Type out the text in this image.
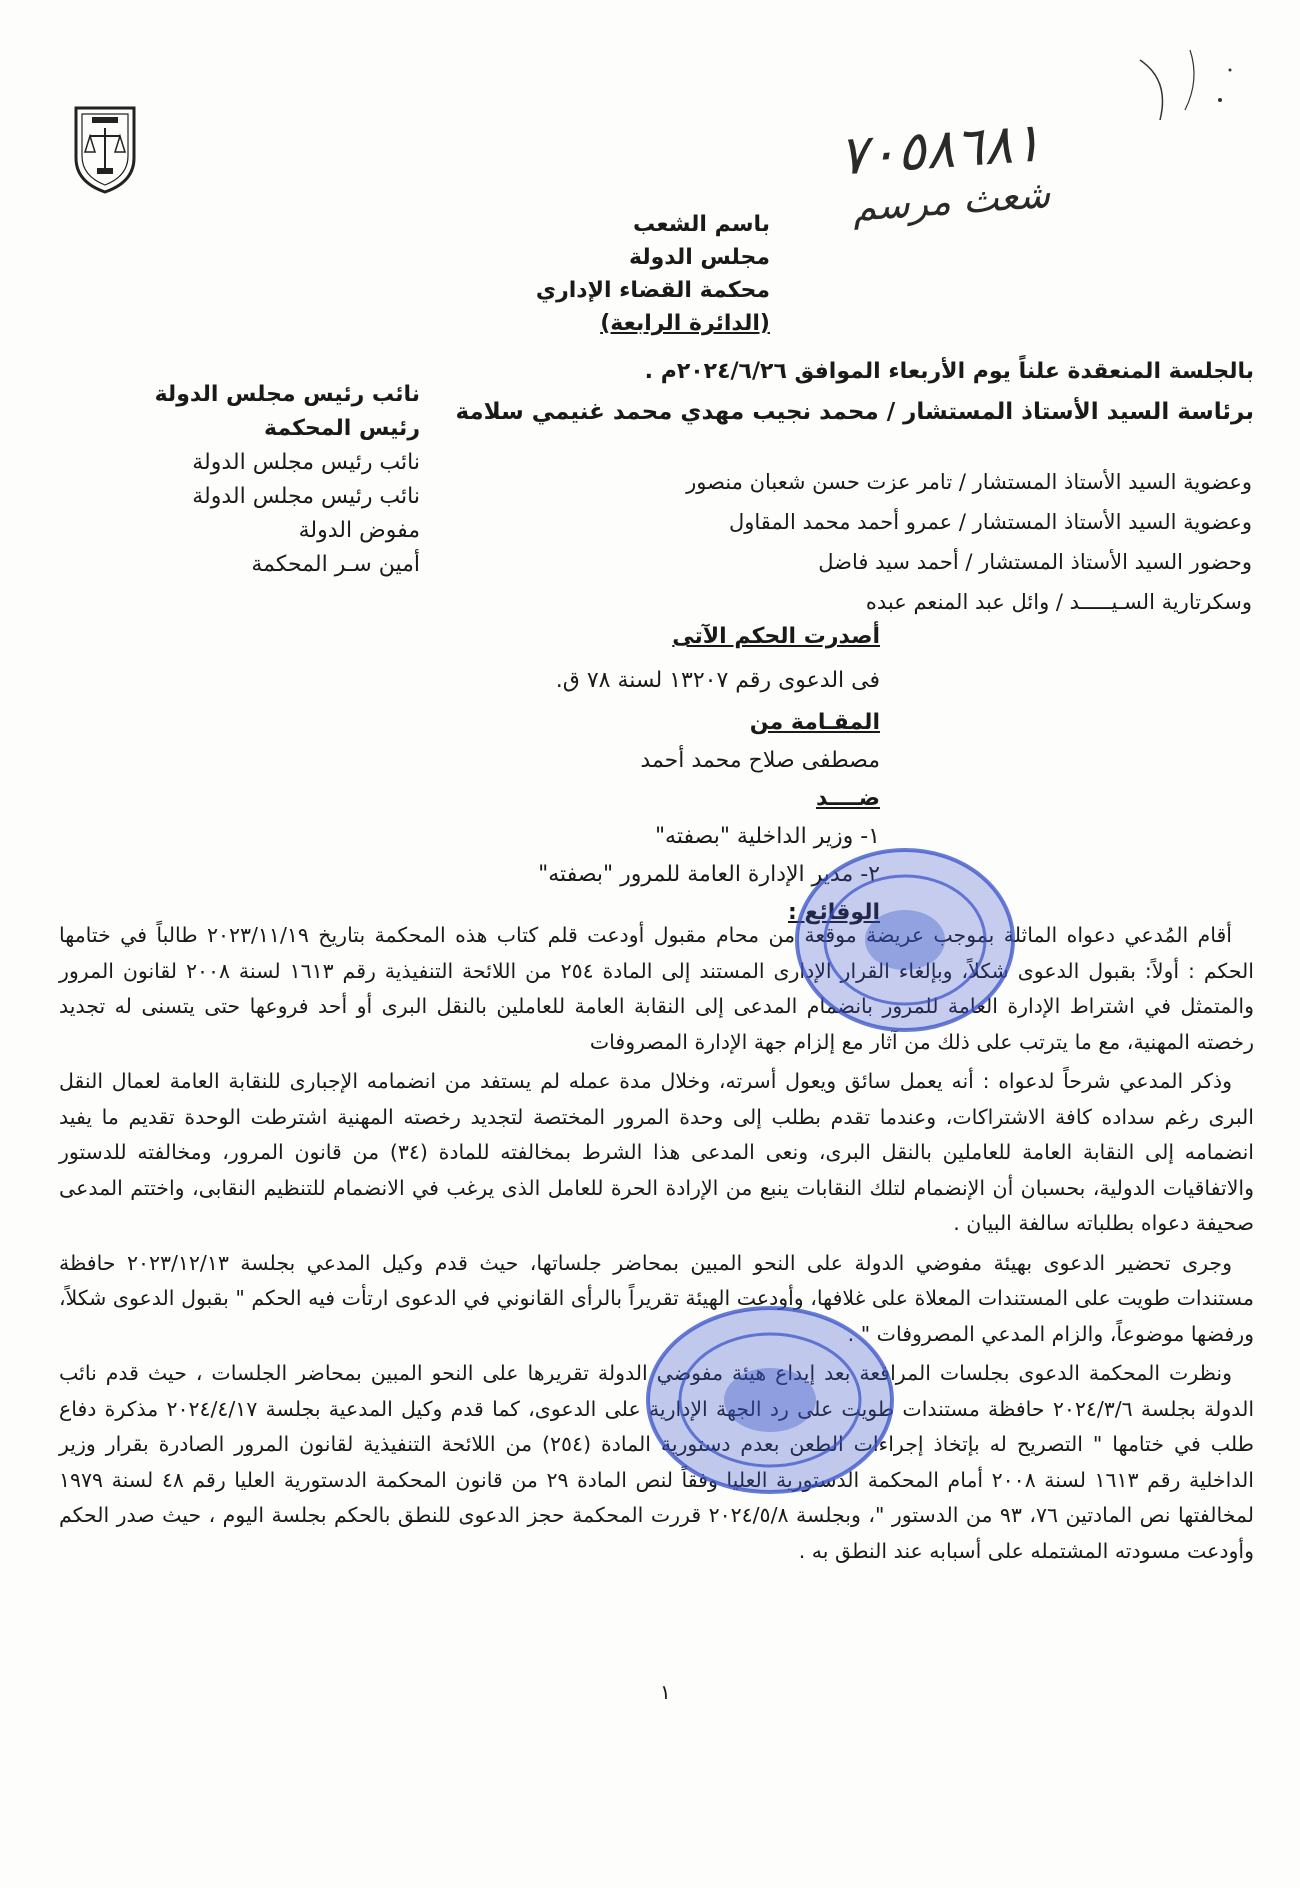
٧٠٥٨٦٨١
شعث مرسم
باسم الشعب
مجلس الدولة
محكمة القضاء الإداري
(الدائرة الرابعة)
بالجلسة المنعقدة علناً يوم الأربعاء الموافق ٢٠٢٤/٦/٢٦م .
برئاسة السيد الأستاذ المستشار / محمد نجيب مهدي محمد غنيمي سلامة
نائب رئيس مجلس الدولة
رئيس المحكمة
نائب رئيس مجلس الدولة
نائب رئيس مجلس الدولة
مفوض الدولة
أمين سـر المحكمة
وعضوية السيد الأستاذ المستشار / تامر عزت حسن شعبان منصور
وعضوية السيد الأستاذ المستشار / عمرو أحمد محمد المقاول
وحضور السيد الأستاذ المستشار / أحمد سيد فاضل
وسكرتارية السـيـــــد / وائل عبد المنعم عبده
أصدرت الحكم الآتى
فى الدعوى رقم ١٣٢٠٧ لسنة ٧٨ ق.
المقـامة من
مصطفى صلاح محمد أحمد
ضــــد
١- وزير الداخلية "بصفته"
٢- مدير الإدارة العامة للمرور "بصفته"
الوقائع :

أقام المُدعي دعواه الماثلة بموجب عريضة موقعة من محام مقبول أودعت قلم كتاب هذه المحكمة بتاريخ ٢٠٢٣/١١/١٩ طالباً في ختامها الحكم : أولاً: بقبول الدعوى شكلاً، وبإلغاء القرار الإدارى المستند إلى المادة ٢٥٤ من اللائحة التنفيذية رقم ١٦١٣ لسنة ٢٠٠٨ لقانون المرور والمتمثل في اشتراط الإدارة العامة للمرور بانضمام المدعى إلى النقابة العامة للعاملين بالنقل البرى أو أحد فروعها حتى يتسنى له تجديد رخصته المهنية، مع ما يترتب على ذلك من آثار مع إلزام جهة الإدارة المصروفات

وذكر المدعي شرحاً لدعواه : أنه يعمل سائق ويعول أسرته، وخلال مدة عمله لم يستفد من انضمامه الإجبارى للنقابة العامة لعمال النقل البرى رغم سداده كافة الاشتراكات، وعندما تقدم بطلب إلى وحدة المرور المختصة لتجديد رخصته المهنية اشترطت الوحدة تقديم ما يفيد انضمامه إلى النقابة العامة للعاملين بالنقل البرى، ونعى المدعى هذا الشرط بمخالفته للمادة (٣٤) من قانون المرور، ومخالفته للدستور والاتفاقيات الدولية، بحسبان أن الإنضمام لتلك النقابات ينبع من الإرادة الحرة للعامل الذى يرغب في الانضمام للتنظيم النقابى، واختتم المدعى صحيفة دعواه بطلباته سالفة البيان .

وجرى تحضير الدعوى بهيئة مفوضي الدولة على النحو المبين بمحاضر جلساتها، حيث قدم وكيل المدعي بجلسة ٢٠٢٣/١٢/١٣ حافظة مستندات طويت على المستندات المعلاة على غلافها، وأودعت الهيئة تقريراً بالرأى القانوني في الدعوى ارتأت فيه الحكم " بقبول الدعوى شكلاً، ورفضها موضوعاً، والزام المدعي المصروفات " .

ونظرت المحكمة الدعوى بجلسات المرافعة بعد إيداع هيئة مفوضي الدولة تقريرها على النحو المبين بمحاضر الجلسات ، حيث قدم نائب الدولة بجلسة ٢٠٢٤/٣/٦ حافظة مستندات طويت على رد الجهة الإدارية على الدعوى، كما قدم وكيل المدعية بجلسة ٢٠٢٤/٤/١٧ مذكرة دفاع طلب في ختامها " التصريح له بإتخاذ إجراءات الطعن بعدم دستورية المادة (٢٥٤) من اللائحة التنفيذية لقانون المرور الصادرة بقرار وزير الداخلية رقم ١٦١٣ لسنة ٢٠٠٨ أمام المحكمة الدستورية العليا وفقاً لنص المادة ٢٩ من قانون المحكمة الدستورية العليا رقم ٤٨ لسنة ١٩٧٩ لمخالفتها نص المادتين ٧٦، ٩٣ من الدستور "، وبجلسة ٢٠٢٤/٥/٨ قررت المحكمة حجز الدعوى للنطق بالحكم بجلسة اليوم ، حيث صدر الحكم وأودعت مسودته المشتمله على أسبابه عند النطق به .

١
